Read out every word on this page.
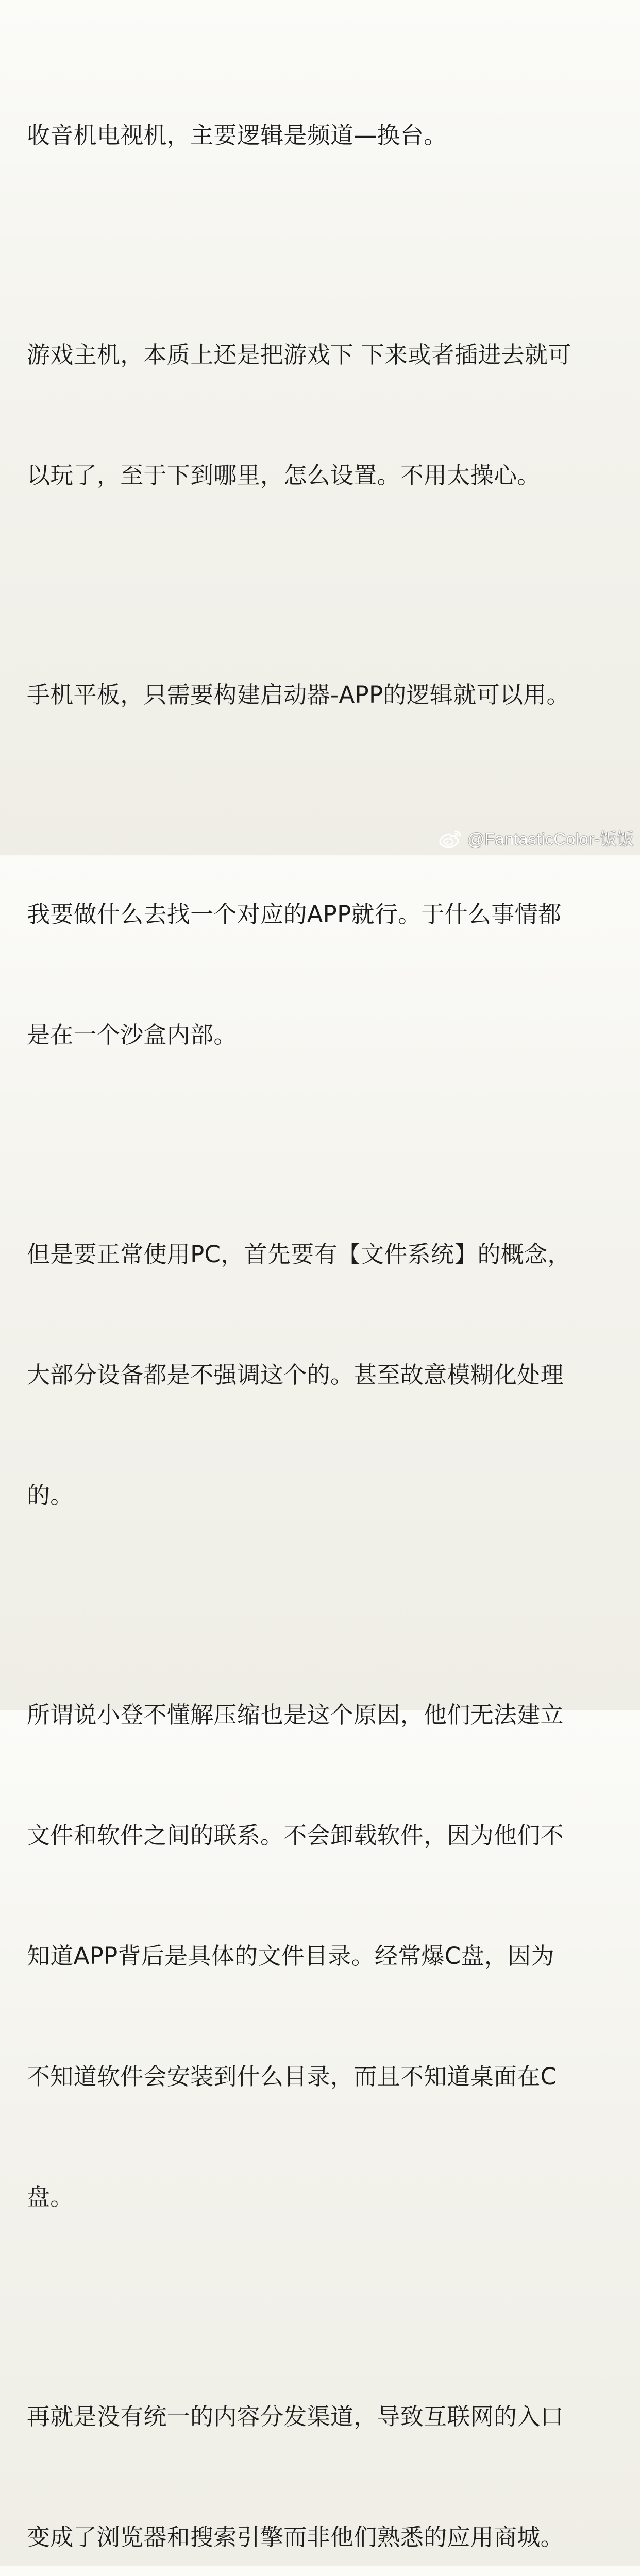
收音机电视机，主要逻辑是频道—换台。

游戏主机，本质上还是把游戏下 下来或者插进去就可

以玩了，至于下到哪里，怎么设置。不用太操心。

手机平板，只需要构建启动器-APP的逻辑就可以用。

我要做什么去找一个对应的APP就行。于什么事情都

是在一个沙盒内部。

但是要正常使用PC，首先要有【文件系统】的概念，

大部分设备都是不强调这个的。甚至故意模糊化处理

的。

所谓说小登不懂解压缩也是这个原因，他们无法建立

文件和软件之间的联系。不会卸载软件，因为他们不

知道APP背后是具体的文件目录。经常爆C盘，因为

不知道软件会安装到什么目录，而且不知道桌面在C

盘。

再就是没有统一的内容分发渠道，导致互联网的入口

变成了浏览器和搜索引擎而非他们熟悉的应用商城。

@FantasticColor-饭饭
